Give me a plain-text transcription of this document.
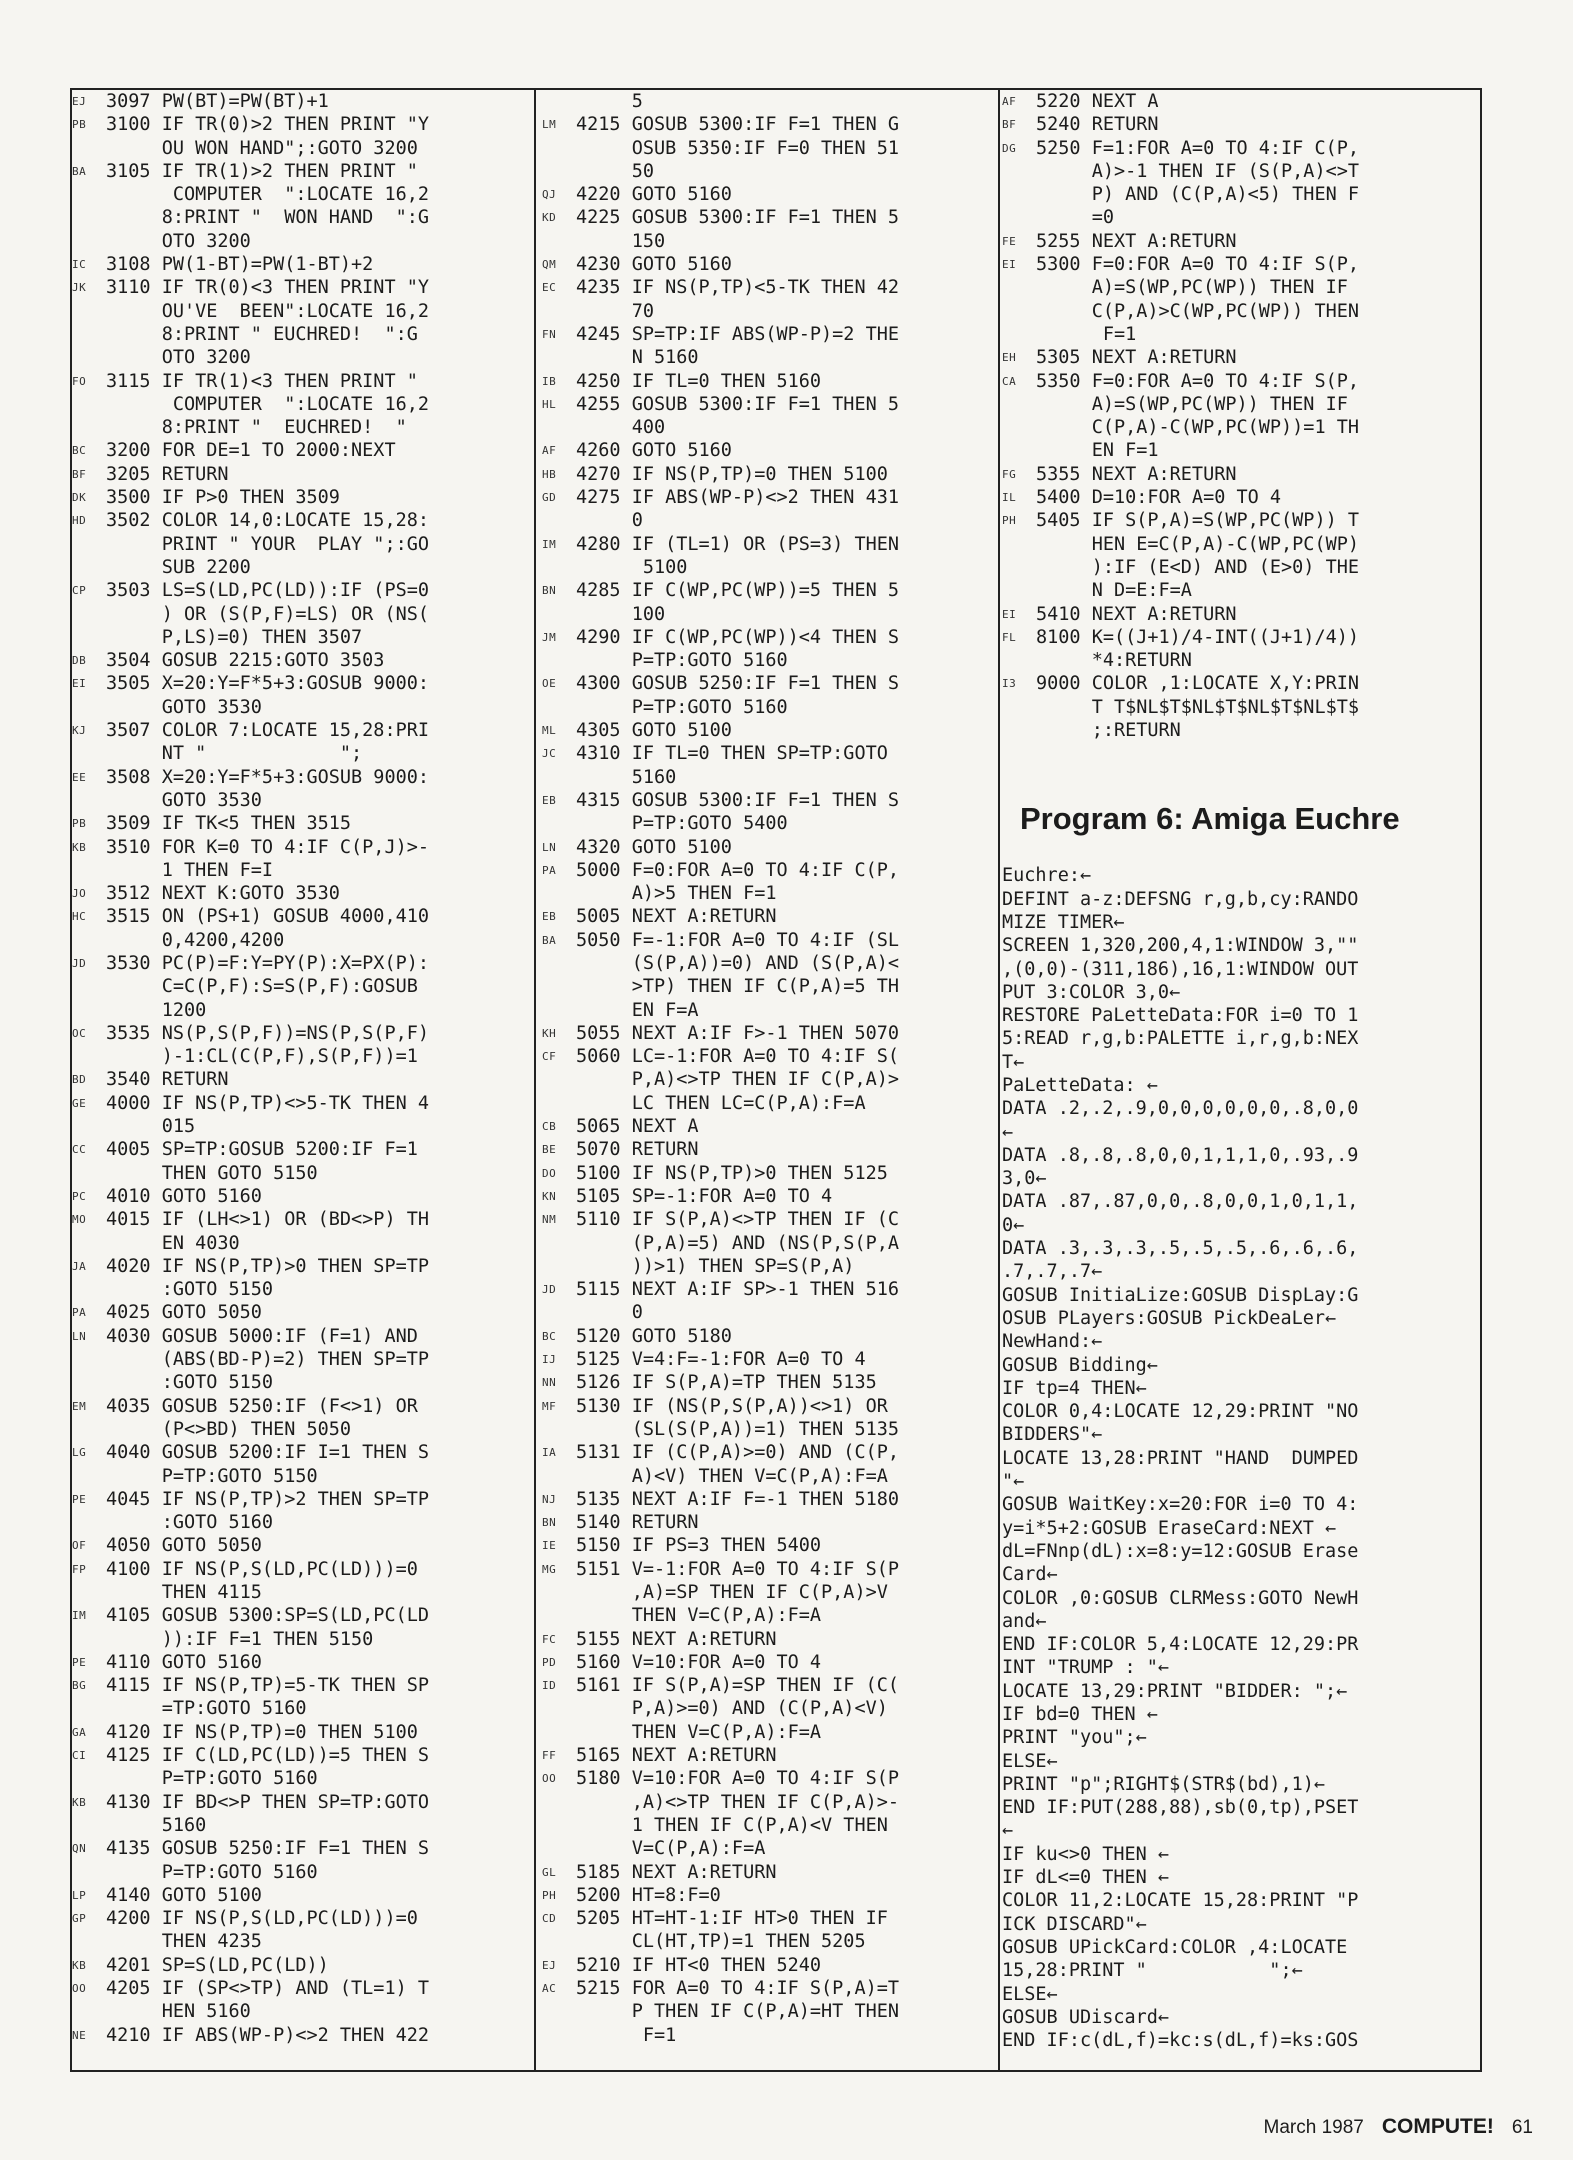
EJ	3097 PW(BT)=PW(BT)+1
PB	3100 IF TR(0)>2 THEN PRINT "Y
OU WON HAND";:GOTO 3200
BA	3105 IF TR(1)>2 THEN PRINT "
COMPUTER  ":LOCATE 16,2
8:PRINT "  WON HAND  ":G
OTO 3200
IC	3108 PW(1-BT)=PW(1-BT)+2
JK	3110 IF TR(0)<3 THEN PRINT "Y
OU'VE  BEEN":LOCATE 16,2
8:PRINT " EUCHRED!  ":G
OTO 3200
FO	3115 IF TR(1)<3 THEN PRINT "
COMPUTER  ":LOCATE 16,2
8:PRINT "  EUCHRED!  "
BC	3200 FOR DE=1 TO 2000:NEXT
BF	3205 RETURN
DK	3500 IF P>0 THEN 3509
HD	3502 COLOR 14,0:LOCATE 15,28:
PRINT " YOUR  PLAY ";:GO
SUB 2200
CP	3503 LS=S(LD,PC(LD)):IF (PS=0
) OR (S(P,F)=LS) OR (NS(
P,LS)=0) THEN 3507
DB	3504 GOSUB 2215:GOTO 3503
EI	3505 X=20:Y=F*5+3:GOSUB 9000:
GOTO 3530
KJ	3507 COLOR 7:LOCATE 15,28:PRI
NT "            ";
EE	3508 X=20:Y=F*5+3:GOSUB 9000:
GOTO 3530
PB	3509 IF TK<5 THEN 3515
KB	3510 FOR K=0 TO 4:IF C(P,J)>-
1 THEN F=I
JO	3512 NEXT K:GOTO 3530
HC	3515 ON (PS+1) GOSUB 4000,410
0,4200,4200
JD	3530 PC(P)=F:Y=PY(P):X=PX(P):
C=C(P,F):S=S(P,F):GOSUB
1200
OC	3535 NS(P,S(P,F))=NS(P,S(P,F)
)-1:CL(C(P,F),S(P,F))=1
BD	3540 RETURN
GE	4000 IF NS(P,TP)<>5-TK THEN 4
015
CC	4005 SP=TP:GOSUB 5200:IF F=1
THEN GOTO 5150
PC	4010 GOTO 5160
MO	4015 IF (LH<>1) OR (BD<>P) TH
EN 4030
JA	4020 IF NS(P,TP)>0 THEN SP=TP
:GOTO 5150
PA	4025 GOTO 5050
LN	4030 GOSUB 5000:IF (F=1) AND
(ABS(BD-P)=2) THEN SP=TP
:GOTO 5150
EM	4035 GOSUB 5250:IF (F<>1) OR
(P<>BD) THEN 5050
LG	4040 GOSUB 5200:IF I=1 THEN S
P=TP:GOTO 5150
PE	4045 IF NS(P,TP)>2 THEN SP=TP
:GOTO 5160
OF	4050 GOTO 5050
FP	4100 IF NS(P,S(LD,PC(LD)))=0
THEN 4115
IM	4105 GOSUB 5300:SP=S(LD,PC(LD
)):IF F=1 THEN 5150
PE	4110 GOTO 5160
BG	4115 IF NS(P,TP)=5-TK THEN SP
=TP:GOTO 5160
GA	4120 IF NS(P,TP)=0 THEN 5100
CI	4125 IF C(LD,PC(LD))=5 THEN S
P=TP:GOTO 5160
KB	4130 IF BD<>P THEN SP=TP:GOTO
5160
QN	4135 GOSUB 5250:IF F=1 THEN S
P=TP:GOTO 5160
LP	4140 GOTO 5100
GP	4200 IF NS(P,S(LD,PC(LD)))=0
THEN 4235
KB	4201 SP=S(LD,PC(LD))
OO	4205 IF (SP<>TP) AND (TL=1) T
HEN 5160
NE	4210 IF ABS(WP-P)<>2 THEN 422
5
LM	4215 GOSUB 5300:IF F=1 THEN G
OSUB 5350:IF F=0 THEN 51
50
QJ	4220 GOTO 5160
KD	4225 GOSUB 5300:IF F=1 THEN 5
150
QM	4230 GOTO 5160
EC	4235 IF NS(P,TP)<5-TK THEN 42
70
FN	4245 SP=TP:IF ABS(WP-P)=2 THE
N 5160
IB	4250 IF TL=0 THEN 5160
HL	4255 GOSUB 5300:IF F=1 THEN 5
400
AF	4260 GOTO 5160
HB	4270 IF NS(P,TP)=0 THEN 5100
GD	4275 IF ABS(WP-P)<>2 THEN 431
0
IM	4280 IF (TL=1) OR (PS=3) THEN
5100
BN	4285 IF C(WP,PC(WP))=5 THEN 5
100
JM	4290 IF C(WP,PC(WP))<4 THEN S
P=TP:GOTO 5160
OE	4300 GOSUB 5250:IF F=1 THEN S
P=TP:GOTO 5160
ML	4305 GOTO 5100
JC	4310 IF TL=0 THEN SP=TP:GOTO
5160
EB	4315 GOSUB 5300:IF F=1 THEN S
P=TP:GOTO 5400
LN	4320 GOTO 5100
PA	5000 F=0:FOR A=0 TO 4:IF C(P,
A)>5 THEN F=1
EB	5005 NEXT A:RETURN
BA	5050 F=-1:FOR A=0 TO 4:IF (SL
(S(P,A))=0) AND (S(P,A)<
>TP) THEN IF C(P,A)=5 TH
EN F=A
KH	5055 NEXT A:IF F>-1 THEN 5070
CF	5060 LC=-1:FOR A=0 TO 4:IF S(
P,A)<>TP THEN IF C(P,A)>
LC THEN LC=C(P,A):F=A
CB	5065 NEXT A
BE	5070 RETURN
DO	5100 IF NS(P,TP)>0 THEN 5125
KN	5105 SP=-1:FOR A=0 TO 4
NM	5110 IF S(P,A)<>TP THEN IF (C
(P,A)=5) AND (NS(P,S(P,A
))>1) THEN SP=S(P,A)
JD	5115 NEXT A:IF SP>-1 THEN 516
0
BC	5120 GOTO 5180
IJ	5125 V=4:F=-1:FOR A=0 TO 4
NN	5126 IF S(P,A)=TP THEN 5135
MF	5130 IF (NS(P,S(P,A))<>1) OR
(SL(S(P,A))=1) THEN 5135
IA	5131 IF (C(P,A)>=0) AND (C(P,
A)<V) THEN V=C(P,A):F=A
NJ	5135 NEXT A:IF F=-1 THEN 5180
BN	5140 RETURN
IE	5150 IF PS=3 THEN 5400
MG	5151 V=-1:FOR A=0 TO 4:IF S(P
,A)=SP THEN IF C(P,A)>V
THEN V=C(P,A):F=A
FC	5155 NEXT A:RETURN
PD	5160 V=10:FOR A=0 TO 4
ID	5161 IF S(P,A)=SP THEN IF (C(
P,A)>=0) AND (C(P,A)<V)
THEN V=C(P,A):F=A
FF	5165 NEXT A:RETURN
OO	5180 V=10:FOR A=0 TO 4:IF S(P
,A)<>TP THEN IF C(P,A)>-
1 THEN IF C(P,A)<V THEN
V=C(P,A):F=A
GL	5185 NEXT A:RETURN
PH	5200 HT=8:F=0
CD	5205 HT=HT-1:IF HT>0 THEN IF
CL(HT,TP)=1 THEN 5205
EJ	5210 IF HT<0 THEN 5240
AC	5215 FOR A=0 TO 4:IF S(P,A)=T
P THEN IF C(P,A)=HT THEN
F=1
AF	5220 NEXT A
BF	5240 RETURN
DG	5250 F=1:FOR A=0 TO 4:IF C(P,
A)>-1 THEN IF (S(P,A)<>T
P) AND (C(P,A)<5) THEN F
=0
FE	5255 NEXT A:RETURN
EI	5300 F=0:FOR A=0 TO 4:IF S(P,
A)=S(WP,PC(WP)) THEN IF
C(P,A)>C(WP,PC(WP)) THEN
F=1
EH	5305 NEXT A:RETURN
CA	5350 F=0:FOR A=0 TO 4:IF S(P,
A)=S(WP,PC(WP)) THEN IF
C(P,A)-C(WP,PC(WP))=1 TH
EN F=1
FG	5355 NEXT A:RETURN
IL	5400 D=10:FOR A=0 TO 4
PH	5405 IF S(P,A)=S(WP,PC(WP)) T
HEN E=C(P,A)-C(WP,PC(WP)
):IF (E<D) AND (E>0) THE
N D=E:F=A
EI	5410 NEXT A:RETURN
FL	8100 K=((J+1)/4-INT((J+1)/4))
*4:RETURN
I3	9000 COLOR ,1:LOCATE X,Y:PRIN
T T$NL$T$NL$T$NL$T$NL$T$
;:RETURN
Program 6: Amiga Euchre
Euchre:←
DEFINT a-z:DEFSNG r,g,b,cy:RANDO
MIZE TIMER←
SCREEN 1,320,200,4,1:WINDOW 3,""
,(0,0)-(311,186),16,1:WINDOW OUT
PUT 3:COLOR 3,0←
RESTORE PaLetteData:FOR i=0 TO 1
5:READ r,g,b:PALETTE i,r,g,b:NEX
T←
PaLetteData: ←
DATA .2,.2,.9,0,0,0,0,0,0,.8,0,0
←
DATA .8,.8,.8,0,0,1,1,1,0,.93,.9
3,0←
DATA .87,.87,0,0,.8,0,0,1,0,1,1,
0←
DATA .3,.3,.3,.5,.5,.5,.6,.6,.6,
.7,.7,.7←
GOSUB InitiaLize:GOSUB DispLay:G
OSUB PLayers:GOSUB PickDeaLer←
NewHand:←
GOSUB Bidding←
IF tp=4 THEN←
COLOR 0,4:LOCATE 12,29:PRINT "NO
BIDDERS"←
LOCATE 13,28:PRINT "HAND  DUMPED
"←
GOSUB WaitKey:x=20:FOR i=0 TO 4:
y=i*5+2:GOSUB EraseCard:NEXT ←
dL=FNnp(dL):x=8:y=12:GOSUB Erase
Card←
COLOR ,0:GOSUB CLRMess:GOTO NewH
and←
END IF:COLOR 5,4:LOCATE 12,29:PR
INT "TRUMP : "←
LOCATE 13,29:PRINT "BIDDER: ";←
IF bd=0 THEN ←
PRINT "you";←
ELSE←
PRINT "p";RIGHT$(STR$(bd),1)←
END IF:PUT(288,88),sb(0,tp),PSET
←
IF ku<>0 THEN ←
IF dL<=0 THEN ←
COLOR 11,2:LOCATE 15,28:PRINT "P
ICK DISCARD"←
GOSUB UPickCard:COLOR ,4:LOCATE
15,28:PRINT "           ";←
ELSE←
GOSUB UDiscard←
END IF:c(dL,f)=kc:s(dL,f)=ks:GOS
March 1987 COMPUTE! 61
